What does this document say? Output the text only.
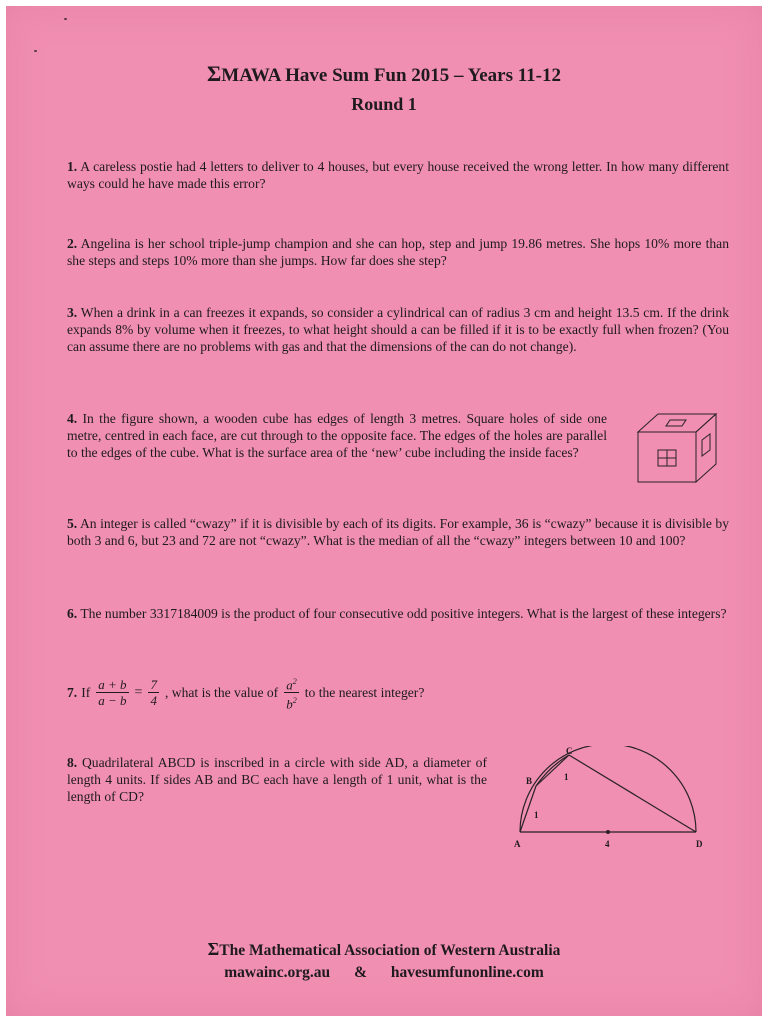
ΣMAWA Have Sum Fun 2015 – Years 11-12
Round 1
1. A careless postie had 4 letters to deliver to 4 houses, but every house received the wrong letter. In how many different ways could he have made this error?
2. Angelina is her school triple-jump champion and she can hop, step and jump 19.86 metres. She hops 10% more than she steps and steps 10% more than she jumps. How far does she step?
3. When a drink in a can freezes it expands, so consider a cylindrical can of radius 3 cm and height 13.5 cm. If the drink expands 8% by volume when it freezes, to what height should a can be filled if it is to be exactly full when frozen? (You can assume there are no problems with gas and that the dimensions of the can do not change).
4. In the figure shown, a wooden cube has edges of length 3 metres. Square holes of side one metre, centred in each face, are cut through to the opposite face. The edges of the holes are parallel to the edges of the cube. What is the surface area of the ‘new’ cube including the inside faces?
5. An integer is called “cwazy” if it is divisible by each of its digits. For example, 36 is “cwazy” because it is divisible by both 3 and 6, but 23 and 72 are not “cwazy”. What is the median of all the “cwazy” integers between 10 and 100?
6. The number 3317184009 is the product of four consecutive odd positive integers. What is the largest of these integers?
7. If $\frac{a + b}{a - b} = \frac{7}{4}$ , what is the value of $\frac{a^2}{b^2}$ to the nearest integer?
8. Quadrilateral ABCD is inscribed in a circle with side AD, a diameter of length 4 units. If sides AB and BC each have a length of 1 unit, what is the length of CD?
A
B
C
D
1
1
4
ΣThe Mathematical Association of Western Australia
mawainc.org.au & havesumfunonline.com
